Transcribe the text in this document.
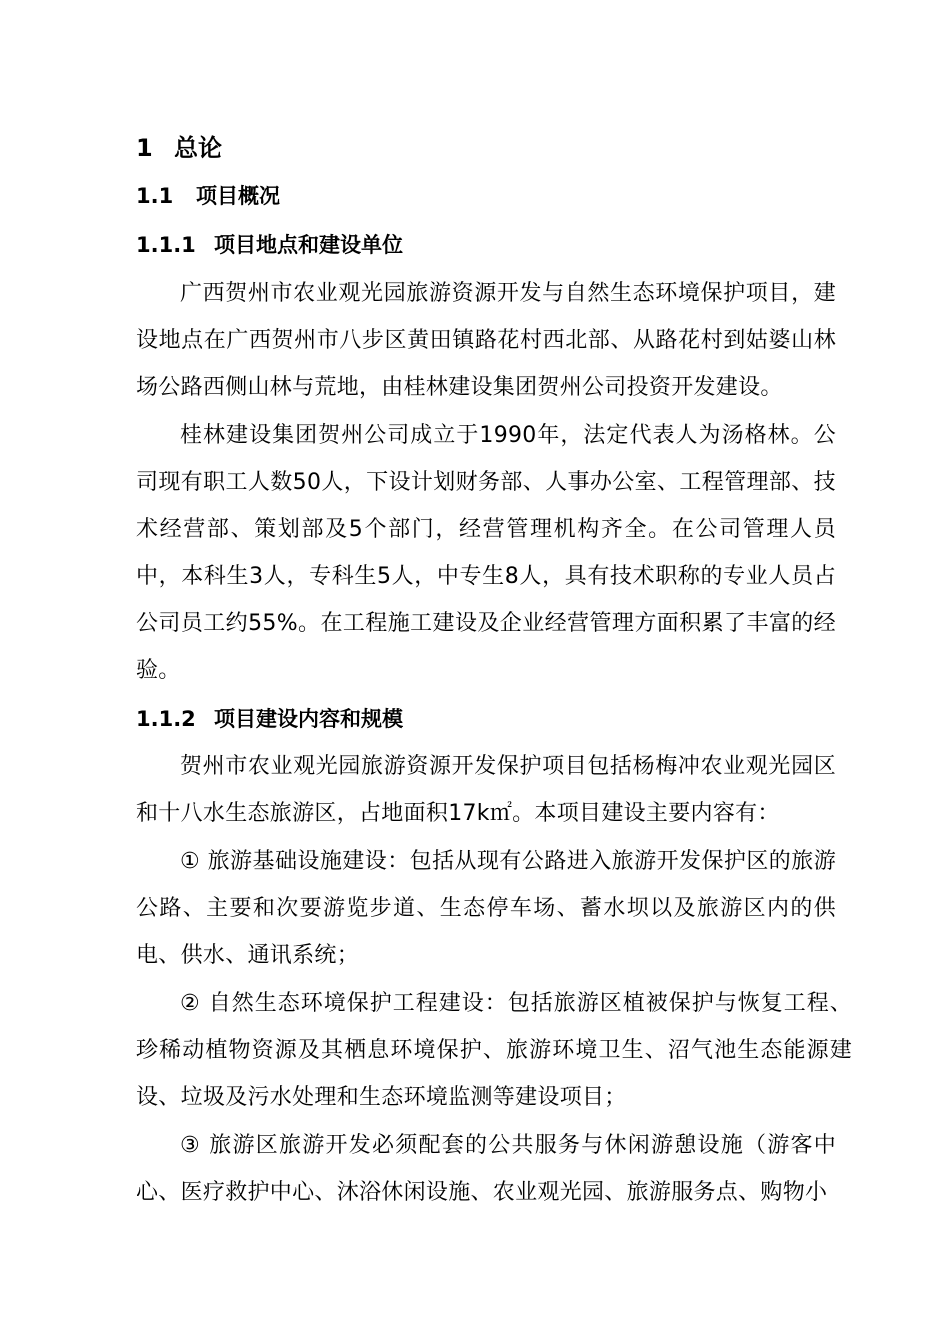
1 总论
1.1 项目概况
1.1.1 项目地点和建设单位

广西贺州市农业观光园旅游资源开发与自然生态环境保护项目，建设地点在广西贺州市八步区黄田镇路花村西北部、从路花村到姑婆山林场公路西侧山林与荒地，由桂林建设集团贺州公司投资开发建设。

桂林建设集团贺州公司成立于1990年，法定代表人为汤格林。公司现有职工人数50人，下设计划财务部、人事办公室、工程管理部、技术经营部、策划部及5个部门，经营管理机构齐全。在公司管理人员中，本科生3人，专科生5人，中专生8人，具有技术职称的专业人员占公司员工约55%。在工程施工建设及企业经营管理方面积累了丰富的经验。

1.1.2 项目建设内容和规模

贺州市农业观光园旅游资源开发保护项目包括杨梅冲农业观光园区和十八水生态旅游区，占地面积17k㎡。本项目建设主要内容有：

① 旅游基础设施建设：包括从现有公路进入旅游开发保护区的旅游公路、主要和次要游览步道、生态停车场、蓄水坝以及旅游区内的供电、供水、通讯系统；

② 自然生态环境保护工程建设：包括旅游区植被保护与恢复工程、珍稀动植物资源及其栖息环境保护、旅游环境卫生、沼气池生态能源建设、垃圾及污水处理和生态环境监测等建设项目；

③ 旅游区旅游开发必须配套的公共服务与休闲游憩设施（游客中心、医疗救护中心、沐浴休闲设施、农业观光园、旅游服务点、购物小
